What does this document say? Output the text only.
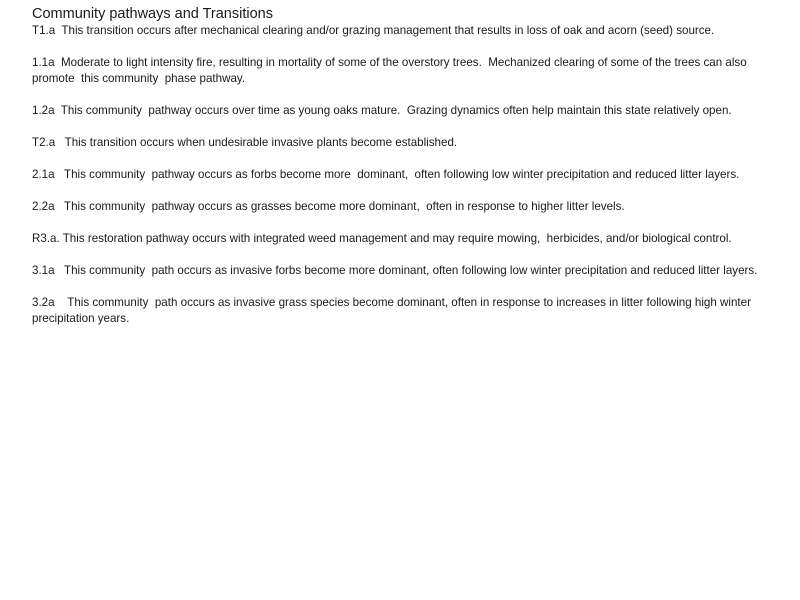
Community pathways and Transitions
T1.a  This transition occurs after mechanical clearing and/or grazing management that results in loss of oak and acorn (seed) source.
1.1a  Moderate to light intensity fire, resulting in mortality of some of the overstory trees.  Mechanized clearing of some of the trees can also promote  this community  phase pathway.
1.2a  This community  pathway occurs over time as young oaks mature.  Grazing dynamics often help maintain this state relatively open.
T2.a   This transition occurs when undesirable invasive plants become established.
2.1a   This community  pathway occurs as forbs become more  dominant,  often following low winter precipitation and reduced litter layers.
2.2a   This community  pathway occurs as grasses become more dominant,  often in response to higher litter levels.
R3.a. This restoration pathway occurs with integrated weed management and may require mowing,  herbicides, and/or biological control.
3.1a   This community  path occurs as invasive forbs become more dominant, often following low winter precipitation and reduced litter layers.
3.2a    This community  path occurs as invasive grass species become dominant, often in response to increases in litter following high winter precipitation years.
